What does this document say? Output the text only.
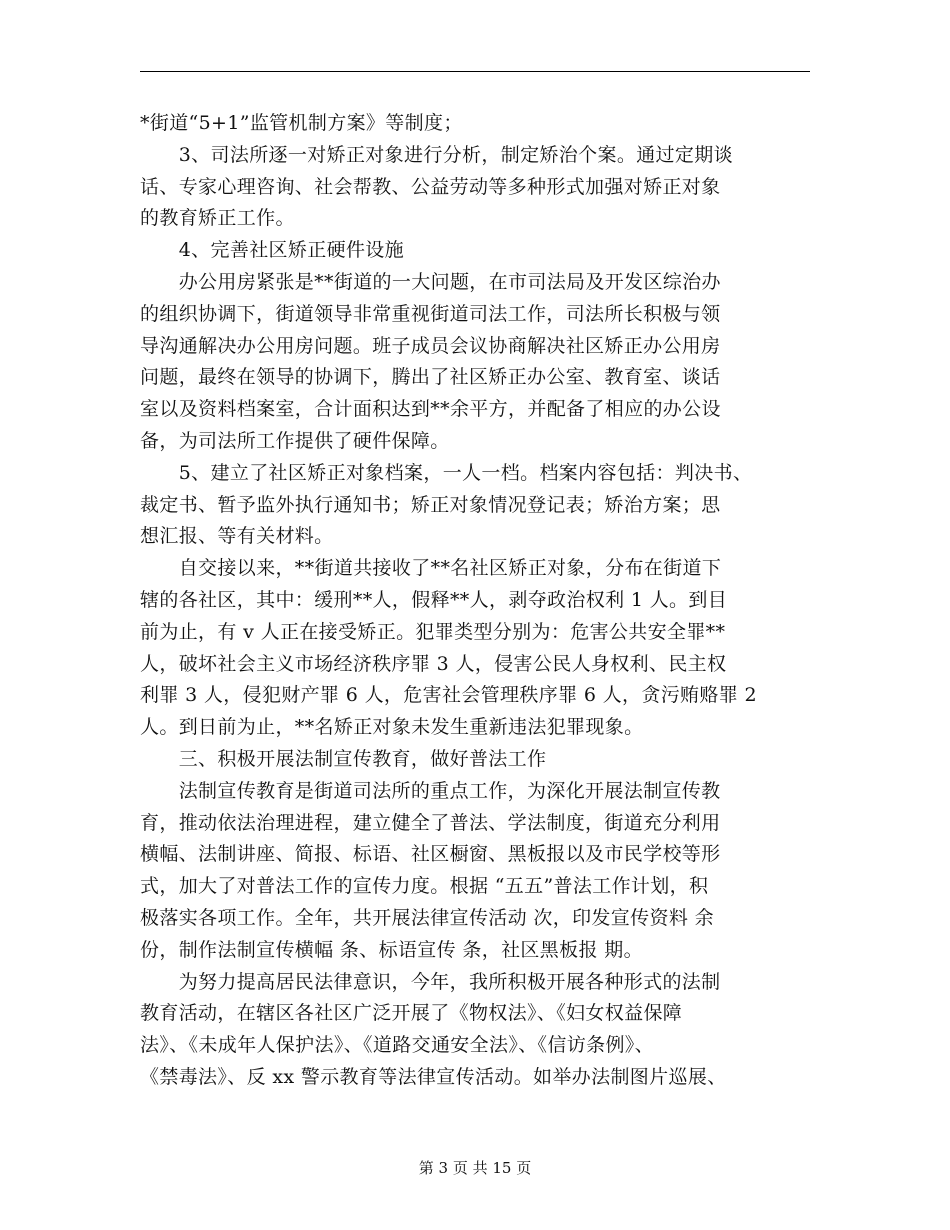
*街道“5+1”监管机制方案》等制度；
　　3、司法所逐一对矫正对象进行分析，制定矫治个案。通过定期谈
话、专家心理咨询、社会帮教、公益劳动等多种形式加强对矫正对象
的教育矫正工作。
　　4、完善社区矫正硬件设施
　　办公用房紧张是**街道的一大问题，在市司法局及开发区综治办
的组织协调下，街道领导非常重视街道司法工作，司法所长积极与领
导沟通解决办公用房问题。班子成员会议协商解决社区矫正办公用房
问题，最终在领导的协调下，腾出了社区矫正办公室、教育室、谈话
室以及资料档案室，合计面积达到**余平方，并配备了相应的办公设
备，为司法所工作提供了硬件保障。
　　5、建立了社区矫正对象档案，一人一档。档案内容包括：判决书、
裁定书、暂予监外执行通知书；矫正对象情况登记表；矫治方案；思
想汇报、等有关材料。
　　自交接以来，**街道共接收了**名社区矫正对象，分布在街道下
辖的各社区，其中：缓刑**人，假释**人，剥夺政治权利 1 人。到目
前为止，有 v 人正在接受矫正。犯罪类型分别为：危害公共安全罪**
人，破坏社会主义市场经济秩序罪 3 人，侵害公民人身权利、民主权
利罪 3 人，侵犯财产罪 6 人，危害社会管理秩序罪 6 人，贪污贿赂罪 2
人。到日前为止，**名矫正对象未发生重新违法犯罪现象。
　　三、积极开展法制宣传教育，做好普法工作
　　法制宣传教育是街道司法所的重点工作，为深化开展法制宣传教
育，推动依法治理进程，建立健全了普法、学法制度，街道充分利用
横幅、法制讲座、简报、标语、社区橱窗、黑板报以及市民学校等形
式，加大了对普法工作的宣传力度。根据 “五五”普法工作计划，积
极落实各项工作。全年，共开展法律宣传活动 次，印发宣传资料 余
份，制作法制宣传横幅 条、标语宣传 条，社区黑板报 期。
　　为努力提高居民法律意识，今年，我所积极开展各种形式的法制
教育活动，在辖区各社区广泛开展了《物权法》、《妇女权益保障
法》、《未成年人保护法》、《道路交通安全法》、《信访条例》、
《禁毒法》、反 xx 警示教育等法律宣传活动。如举办法制图片巡展、
第 3 页 共 15 页
